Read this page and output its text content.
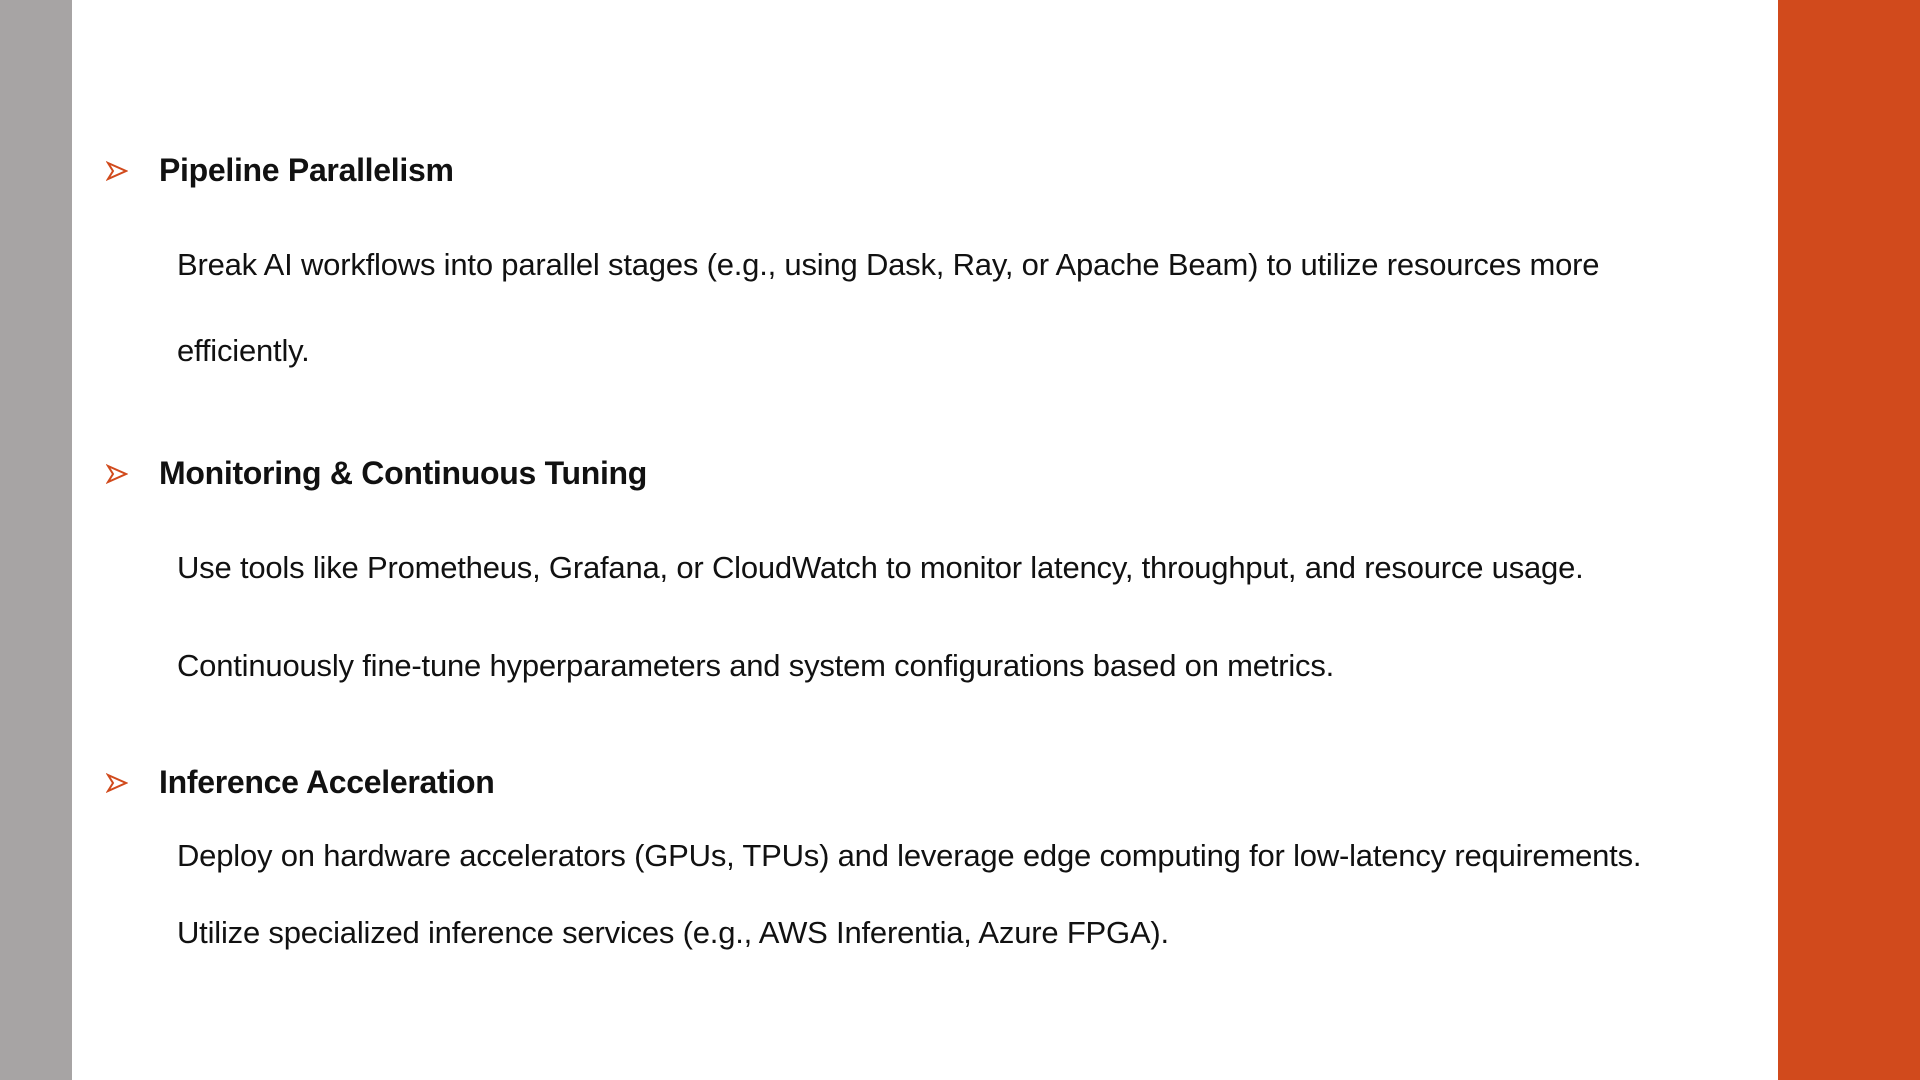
Pipeline Parallelism
Break AI workflows into parallel stages (e.g., using Dask, Ray, or Apache Beam) to utilize resources more
efficiently.
Monitoring & Continuous Tuning
Use tools like Prometheus, Grafana, or CloudWatch to monitor latency, throughput, and resource usage.
Continuously fine-tune hyperparameters and system configurations based on metrics.
Inference Acceleration
Deploy on hardware accelerators (GPUs, TPUs) and leverage edge computing for low-latency requirements.
Utilize specialized inference services (e.g., AWS Inferentia, Azure FPGA).
